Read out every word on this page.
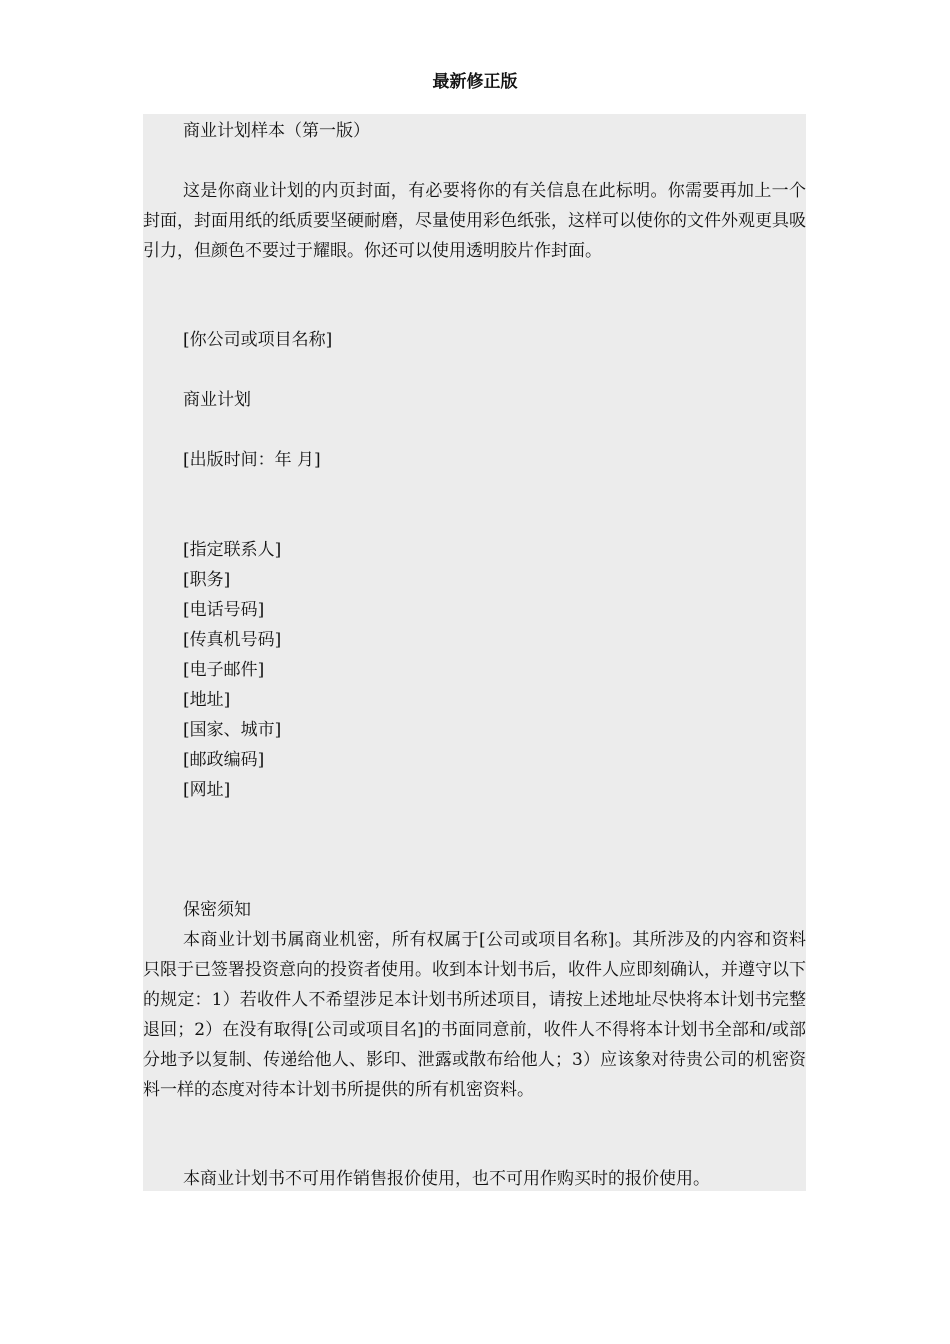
最新修正版
商业计划样本（第一版）
这是你商业计划的内页封面，有必要将你的有关信息在此标明。你需要再加上一个封面，封面用纸的纸质要坚硬耐磨，尽量使用彩色纸张，这样可以使你的文件外观更具吸引力，但颜色不要过于耀眼。你还可以使用透明胶片作封面。
[你公司或项目名称]
商业计划
[出版时间：年 月]
[指定联系人]
[职务]
[电话号码]
[传真机号码]
[电子邮件]
[地址]
[国家、城市]
[邮政编码]
[网址]
保密须知
本商业计划书属商业机密，所有权属于[公司或项目名称]。其所涉及的内容和资料只限于已签署投资意向的投资者使用。收到本计划书后，收件人应即刻确认，并遵守以下的规定：1）若收件人不希望涉足本计划书所述项目，请按上述地址尽快将本计划书完整退回；2）在没有取得[公司或项目名]的书面同意前，收件人不得将本计划书全部和/或部分地予以复制、传递给他人、影印、泄露或散布给他人；3）应该象对待贵公司的机密资料一样的态度对待本计划书所提供的所有机密资料。
本商业计划书不可用作销售报价使用，也不可用作购买时的报价使用。
